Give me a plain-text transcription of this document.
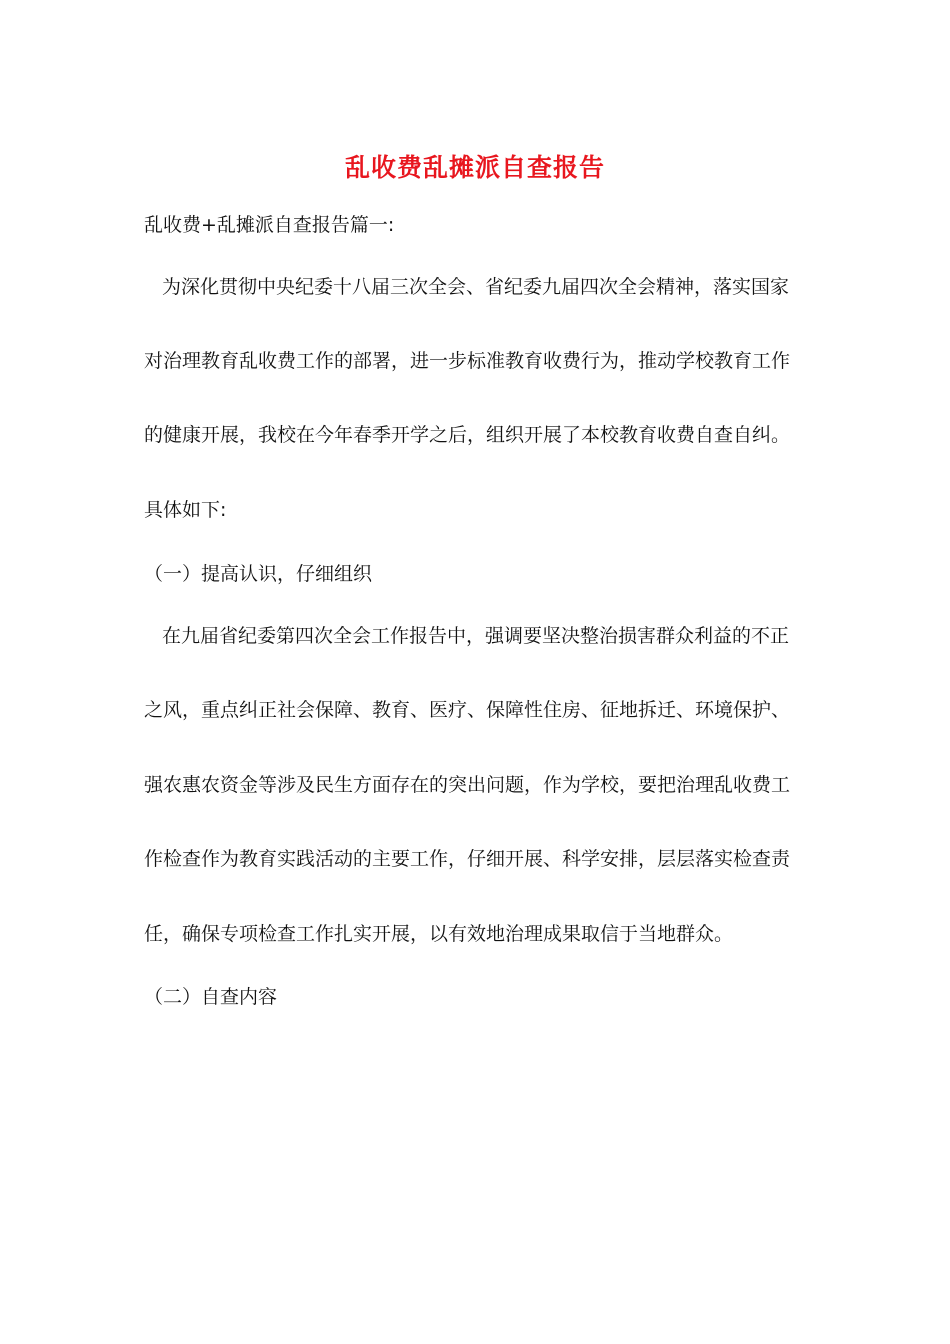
乱收费乱摊派自查报告
乱收费+乱摊派自查报告篇一:
为深化贯彻中央纪委十八届三次全会、省纪委九届四次全会精神，落实国家
对治理教育乱收费工作的部署，进一步标准教育收费行为，推动学校教育工作
的健康开展，我校在今年春季开学之后，组织开展了本校教育收费自查自纠。
具体如下:
（一）提高认识，仔细组织
在九届省纪委第四次全会工作报告中，强调要坚决整治损害群众利益的不正
之风，重点纠正社会保障、教育、医疗、保障性住房、征地拆迁、环境保护、
强农惠农资金等涉及民生方面存在的突出问题，作为学校，要把治理乱收费工
作检查作为教育实践活动的主要工作，仔细开展、科学安排，层层落实检查责
任，确保专项检查工作扎实开展，以有效地治理成果取信于当地群众。
（二）自查内容
